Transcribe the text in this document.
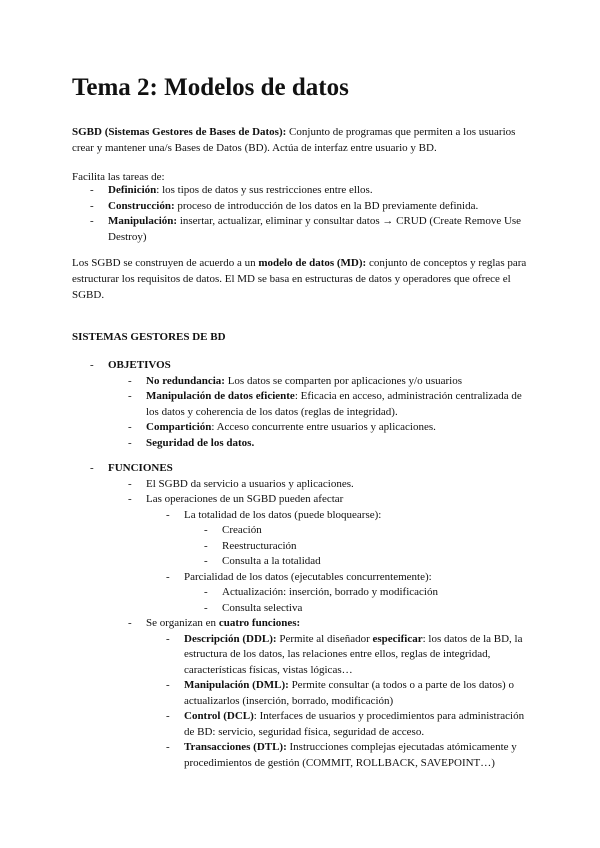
Tema 2: Modelos de datos

SGBD (Sistemas Gestores de Bases de Datos): Conjunto de programas que permiten a los usuarios crear y mantener una/s Bases de Datos (BD). Actúa de interfaz entre usuario y BD.

Facilita las tareas de:

-	Definición: los tipos de datos y sus restricciones entre ellos.
-	Construcción: proceso de introducción de los datos en la BD previamente definida.
-	Manipulación: insertar, actualizar, eliminar y consultar datos → CRUD (Create Remove Use Destroy)

Los SGBD se construyen de acuerdo a un modelo de datos (MD): conjunto de conceptos y reglas para estructurar los requisitos de datos. El MD se basa en estructuras de datos y operadores que ofrece el SGBD.

SISTEMAS GESTORES DE BD

-	OBJETIVOS
-	No redundancia: Los datos se comparten por aplicaciones y/o usuarios
-	Manipulación de datos eficiente: Eficacia en acceso, administración centralizada de los datos y coherencia de los datos (reglas de integridad).
-	Compartición: Acceso concurrente entre usuarios y aplicaciones.
-	Seguridad de los datos.
-	FUNCIONES
-	El SGBD da servicio a usuarios y aplicaciones.
-	Las operaciones de un SGBD pueden afectar
-	La totalidad de los datos (puede bloquearse):
-	Creación
-	Reestructuración
-	Consulta a la totalidad
-	Parcialidad de los datos (ejecutables concurrentemente):
-	Actualización: inserción, borrado y modificación
-	Consulta selectiva
-	Se organizan en cuatro funciones:
-	Descripción (DDL): Permite al diseñador especificar: los datos de la BD, la estructura de los datos, las relaciones entre ellos, reglas de integridad, características físicas, vistas lógicas…
-	Manipulación (DML): Permite consultar (a todos o a parte de los datos) o actualizarlos (inserción, borrado, modificación)
-	Control (DCL): Interfaces de usuarios y procedimientos para administración de BD: servicio, seguridad física, seguridad de acceso.
-	Transacciones (DTL): Instrucciones complejas ejecutadas atómicamente y procedimientos de gestión (COMMIT, ROLLBACK, SAVEPOINT…)
